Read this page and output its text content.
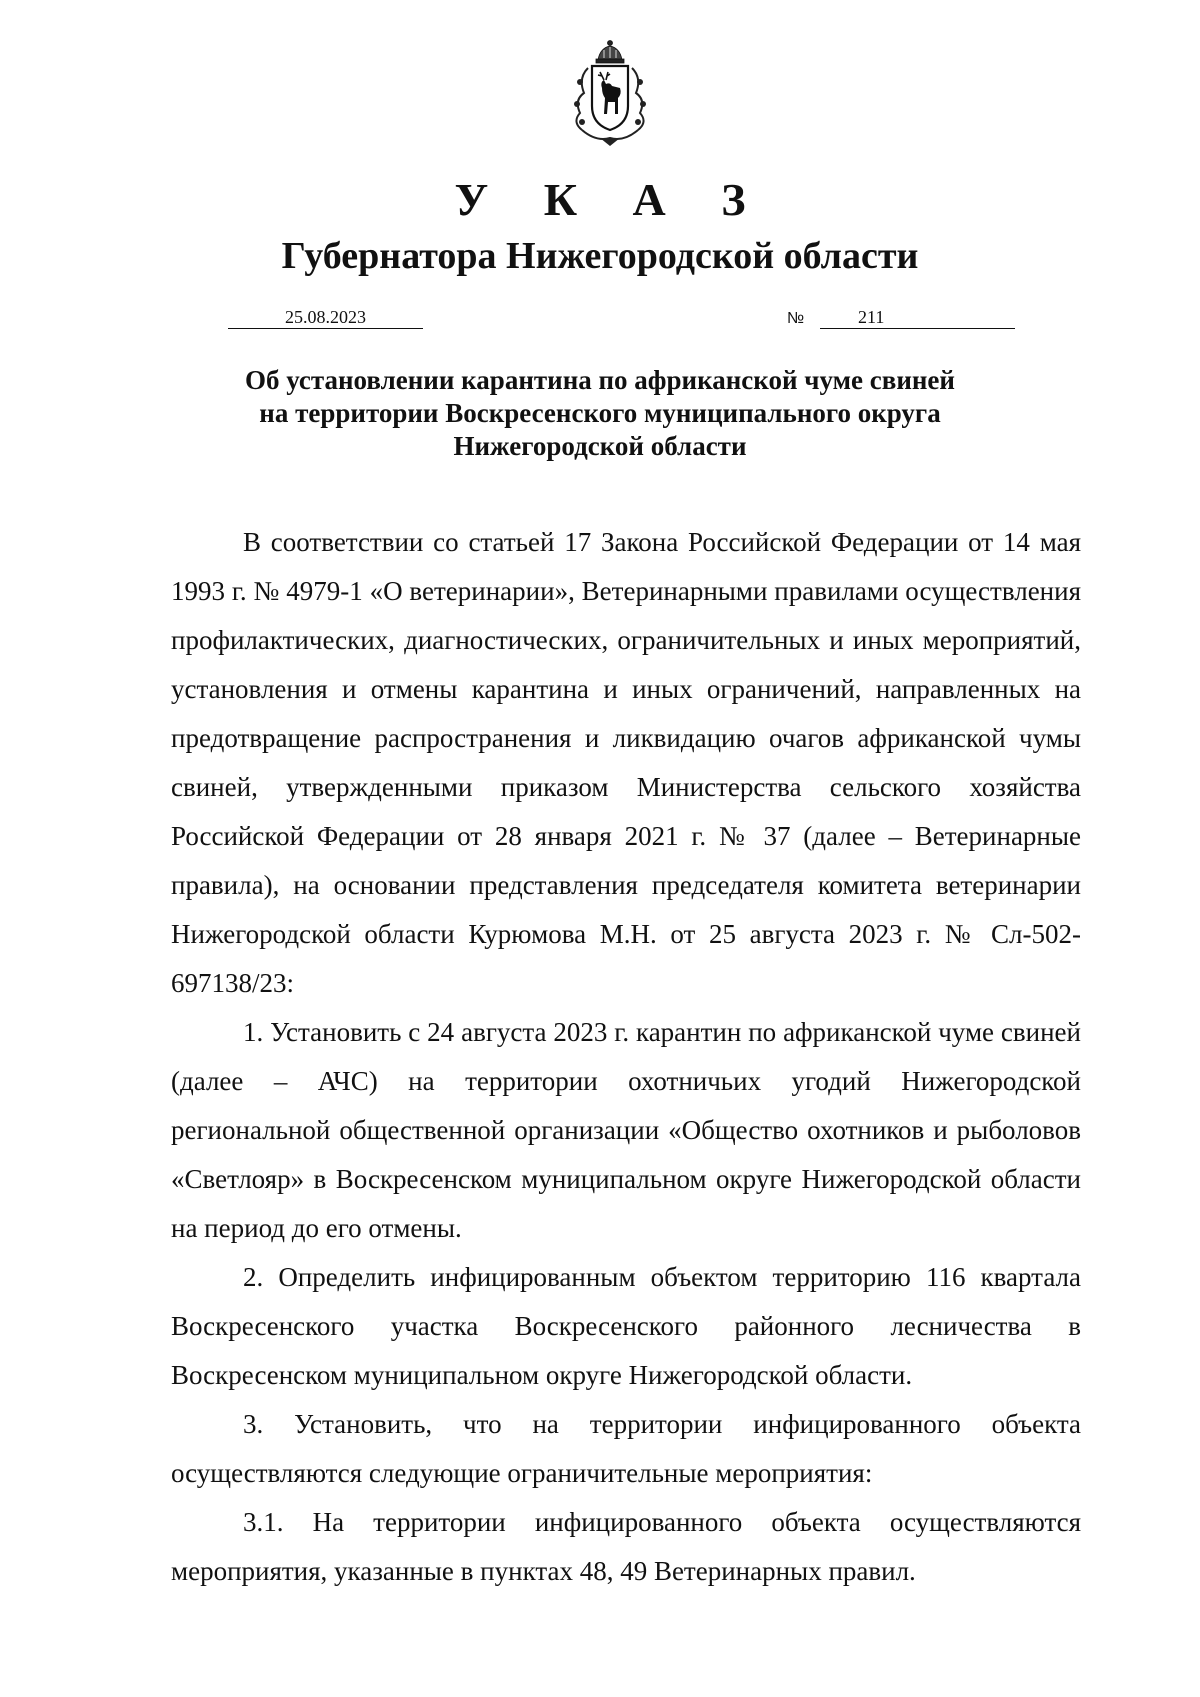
У К А З
Губернатора Нижегородской области
25.08.2023	№	211
Об установлении карантина по африканской чуме свиней
на территории Воскресенского муниципального округа
Нижегородской области

В соответствии со статьей 17 Закона Российской Федерации от 14 мая 1993 г. № 4979-1 «О ветеринарии», Ветеринарными правилами осуществления профилактических, диагностических, ограничительных и иных мероприятий, установления и отмены карантина и иных ограничений, направленных на предотвращение распространения и ликвидацию очагов африканской чумы свиней, утвержденными приказом Министерства сельского хозяйства Российской Федерации от 28 января 2021 г. № 37 (далее – Ветеринарные правила), на основании представления председателя комитета ветеринарии Нижегородской области Курюмова М.Н. от 25 августа 2023 г. № Сл-502-697138/23:

1. Установить с 24 августа 2023 г. карантин по африканской чуме свиней (далее – АЧС) на территории охотничьих угодий Нижегородской региональной общественной организации «Общество охотников и рыболовов «Светлояр» в Воскресенском муниципальном округе Нижегородской области на период до его отмены.

2. Определить инфицированным объектом территорию 116 квартала Воскресенского участка Воскресенского районного лесничества в Воскресенском муниципальном округе Нижегородской области.

3. Установить, что на территории инфицированного объекта осуществляются следующие ограничительные мероприятия:

3.1. На территории инфицированного объекта осуществляются мероприятия, указанные в пунктах 48, 49 Ветеринарных правил.
